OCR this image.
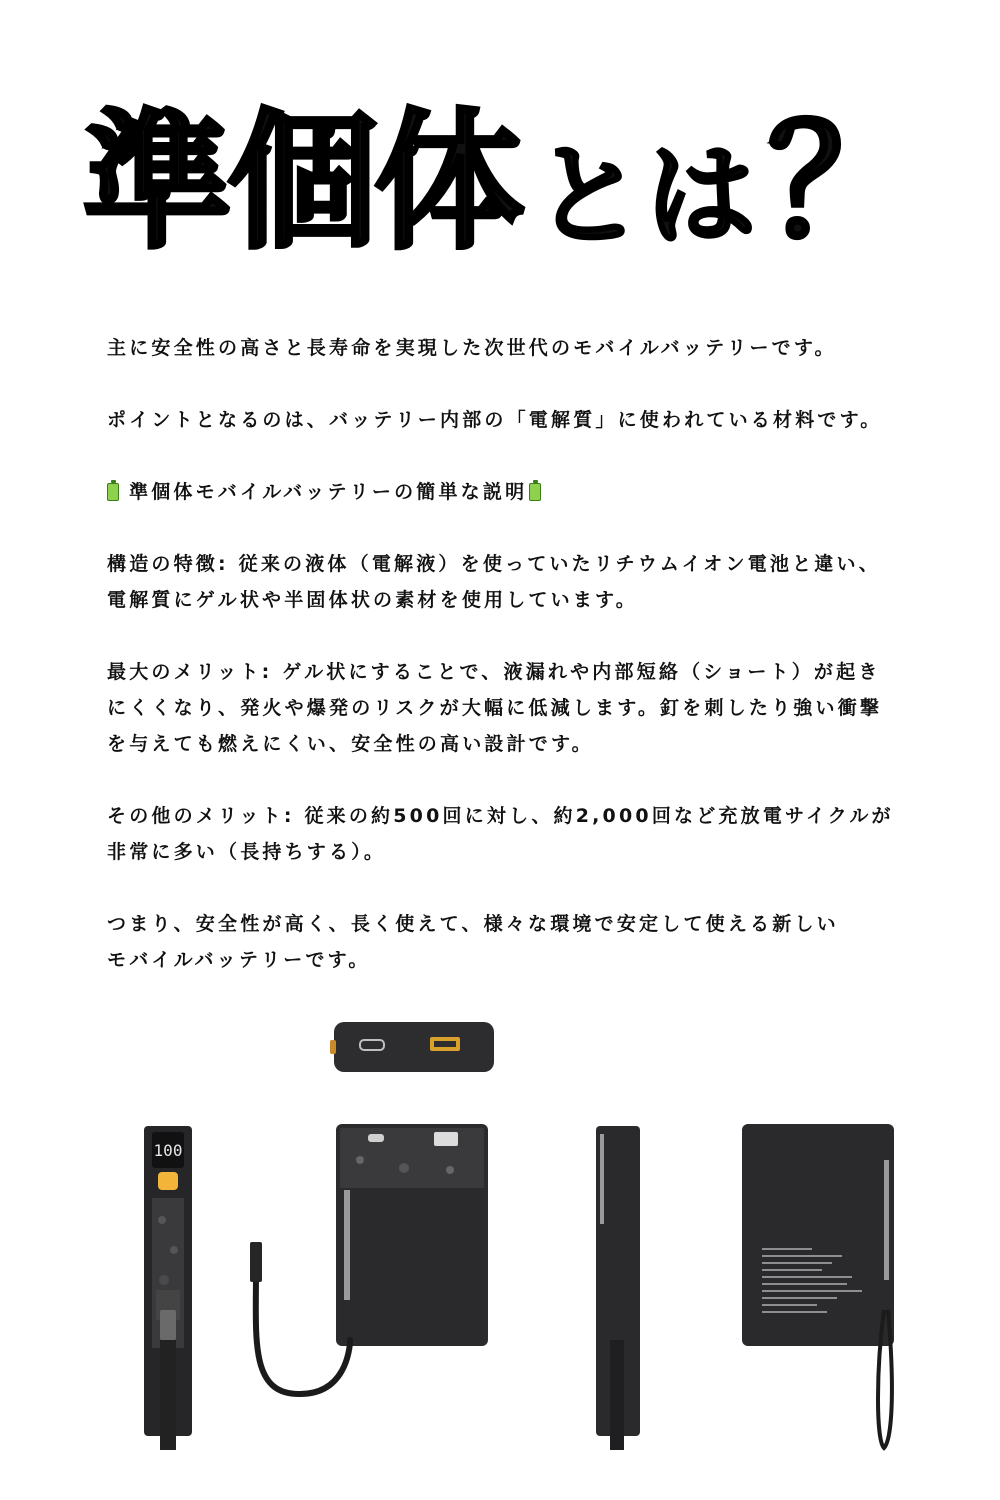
準個体 とは？

主に安全性の高さと長寿命を実現した次世代のモバイルバッテリーです。

ポイントとなるのは、バッテリー内部の「電解質」に使われている材料です。

準個体モバイルバッテリーの簡単な説明

構造の特徴: 従来の液体（電解液）を使っていたリチウムイオン電池と違い、
電解質にゲル状や半固体状の素材を使用しています。

最大のメリット: ゲル状にすることで、液漏れや内部短絡（ショート）が起き
にくくなり、発火や爆発のリスクが大幅に低減します。釘を刺したり強い衝撃
を与えても燃えにくい、安全性の高い設計です。

その他のメリット: 従来の約500回に対し、約2,000回など充放電サイクルが
非常に多い（長持ちする）。

つまり、安全性が高く、長く使えて、様々な環境で安定して使える新しい
モバイルバッテリーです。

100
